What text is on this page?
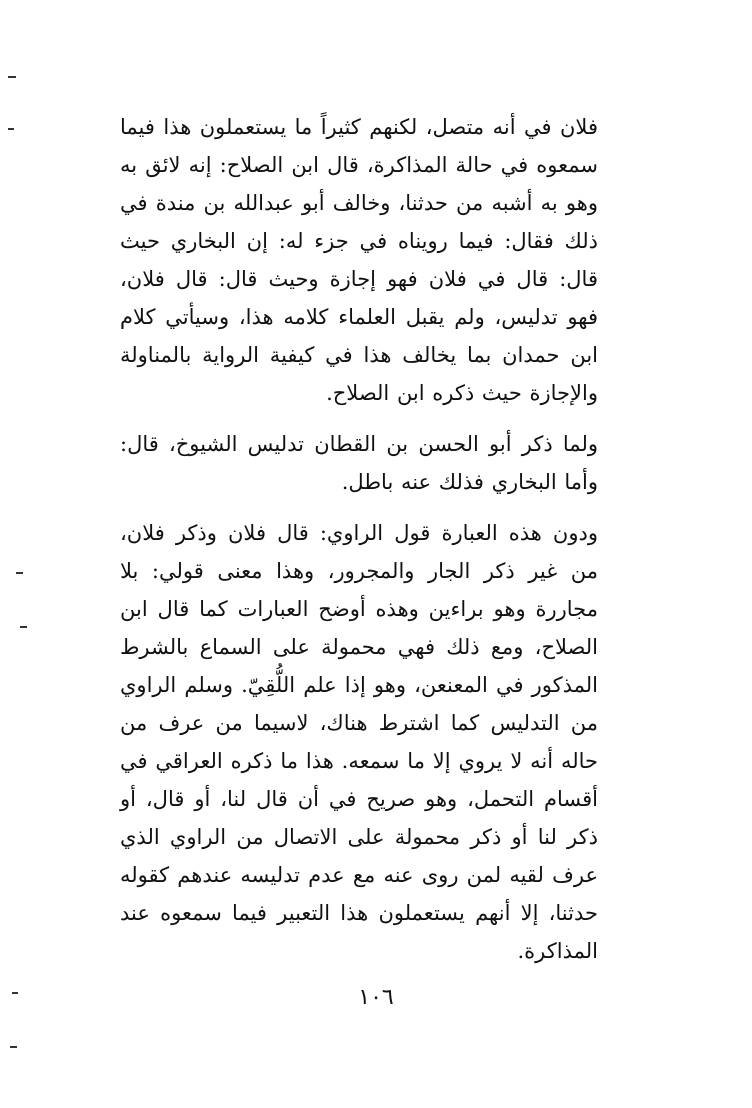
فلان في أنه متصل، لكنهم كثيراً ما يستعملون هذا فيما سمعوه في حالة المذاكرة، قال ابن الصلاح: إنه لائق به وهو به أشبه من حدثنا، وخالف أبو عبدالله بن مندة في ذلك فقال: فيما رويناه في جزء له: إن البخاري حيث قال: قال في فلان فهو إجازة وحيث قال: قال فلان، فهو تدليس، ولم يقبل العلماء كلامه هذا، وسيأتي كلام ابن حمدان بما يخالف هذا في كيفية الرواية بالمناولة والإجازة حيث ذكره ابن الصلاح.

ولما ذكر أبو الحسن بن القطان تدليس الشيوخ، قال: وأما البخاري فذلك عنه باطل.

ودون هذه العبارة قول الراوي: قال فلان وذكر فلان، من غير ذكر الجار والمجرور، وهذا معنى قولي: بلا مجاررة وهو براءين وهذه أوضح العبارات كما قال ابن الصلاح، ومع ذلك فهي محمولة على السماع بالشرط المذكور في المعنعن، وهو إذا علم اللُّقِيّ. وسلم الراوي من التدليس كما اشترط هناك، لاسيما من عرف من حاله أنه لا يروي إلا ما سمعه. هذا ما ذكره العراقي في أقسام التحمل، وهو صريح في أن قال لنا، أو قال، أو ذكر لنا أو ذكر محمولة على الاتصال من الراوي الذي عرف لقيه لمن روى عنه مع عدم تدليسه عندهم كقوله حدثنا، إلا أنهم يستعملون هذا التعبير فيما سمعوه عند المذاكرة.

١٠٦
